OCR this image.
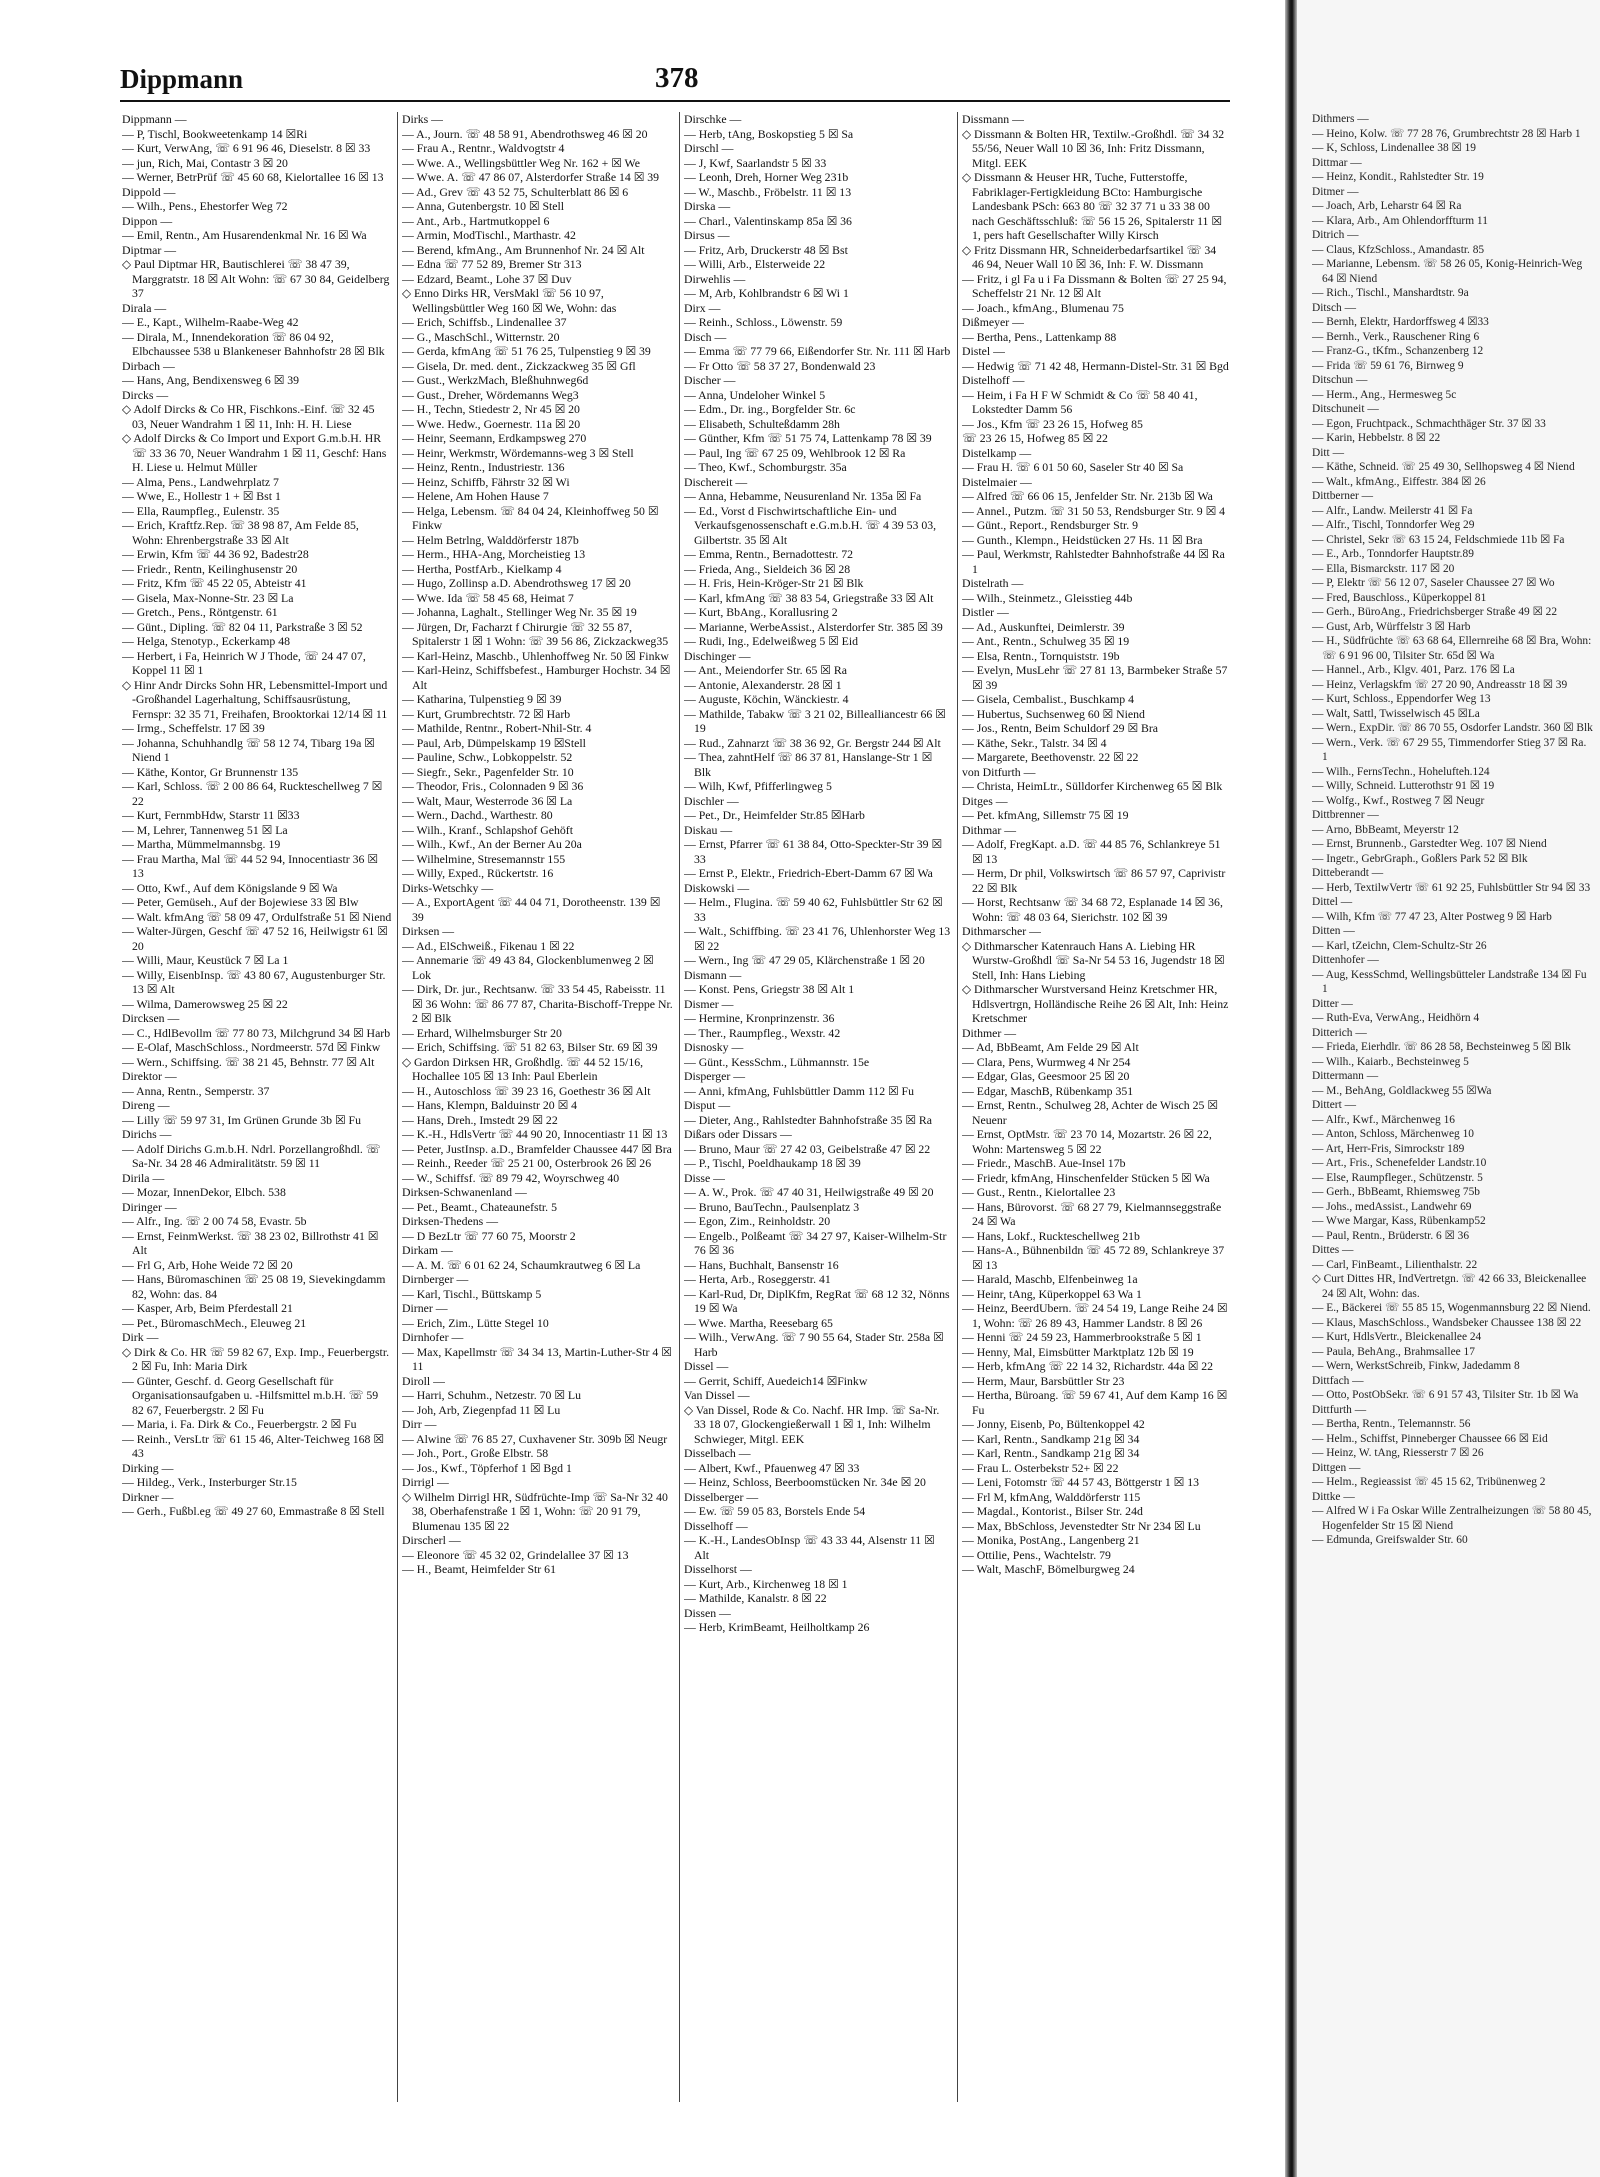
Dippmann	378

Dippmann —

— P, Tischl, Bookweetenkamp 14 ☒Ri

— Kurt, VerwAng, ☏ 6 91 96 46, Dieselstr. 8 ☒ 33

— jun, Rich, Mai, Contastr 3 ☒ 20

— Werner, BetrPrüf ☏ 45 60 68, Kielortallee 16 ☒ 13

Dippold —

— Wilh., Pens., Ehestorfer Weg 72

Dippon —

— Emil, Rentn., Am Husarendenkmal Nr. 16 ☒ Wa

Diptmar —

◇ Paul Diptmar HR, Bautischlerei ☏ 38 47 39, Marggratstr. 18 ☒ Alt Wohn: ☏ 67 30 84, Geidelberg 37

Dirala —

— E., Kapt., Wilhelm-Raabe-Weg 42

— Dirala, M., Innendekoration ☏ 86 04 92, Elbchaussee 538 u Blankeneser Bahnhofstr 28 ☒ Blk

Dirbach —

— Hans, Ang, Bendixensweg 6 ☒ 39

Dircks —

◇ Adolf Dircks & Co HR, Fischkons.-Einf. ☏ 32 45 03, Neuer Wandrahm 1 ☒ 11, Inh: H. H. Liese

◇ Adolf Dircks & Co Import und Export G.m.b.H. HR ☏ 33 36 70, Neuer Wandrahm 1 ☒ 11, Geschf: Hans H. Liese u. Helmut Müller

— Alma, Pens., Landwehrplatz 7

— Wwe, E., Hollestr 1 + ☒ Bst 1

— Ella, Raumpfleg., Eulenstr. 35

— Erich, Kraftfz.Rep. ☏ 38 98 87, Am Felde 85, Wohn: Ehrenbergstraße 33 ☒ Alt

— Erwin, Kfm ☏ 44 36 92, Badestr28

— Friedr., Rentn, Keilinghusenstr 20

— Fritz, Kfm ☏ 45 22 05, Abteistr 41

— Gisela, Max-Nonne-Str. 23 ☒ La

— Gretch., Pens., Röntgenstr. 61

— Günt., Dipling. ☏ 82 04 11, Parkstraße 3 ☒ 52

— Helga, Stenotyp., Eckerkamp 48

— Herbert, i Fa, Heinrich W J Thode, ☏ 24 47 07, Koppel 11 ☒ 1

◇ Hinr Andr Dircks Sohn HR, Lebensmittel-Import und -Großhandel Lagerhaltung, Schiffsausrüstung, Fernspr: 32 35 71, Freihafen, Brooktorkai 12/14 ☒ 11

— Irmg., Scheffelstr. 17 ☒ 39

— Johanna, Schuhhandlg ☏ 58 12 74, Tibarg 19a ☒ Niend 1

— Käthe, Kontor, Gr Brunnenstr 135

— Karl, Schloss. ☏ 2 00 86 64, Ruckteschellweg 7 ☒ 22

— Kurt, FernmbHdw, Starstr 11 ☒33

— M, Lehrer, Tannenweg 51 ☒ La

— Martha, Mümmelmannsbg. 19

— Frau Martha, Mal ☏ 44 52 94, Innocentiastr 36 ☒ 13

— Otto, Kwf., Auf dem Königslande 9 ☒ Wa

— Peter, Gemüseh., Auf der Bojewiese 33 ☒ Blw

— Walt. kfmAng ☏ 58 09 47, Ordulfstraße 51 ☒ Niend

— Walter-Jürgen, Geschf ☏ 47 52 16, Heilwigstr 61 ☒ 20

— Willi, Maur, Keustück 7 ☒ La 1

— Willy, EisenbInsp. ☏ 43 80 67, Augustenburger Str. 13 ☒ Alt

— Wilma, Damerowsweg 25 ☒ 22

Dircksen —

— C., HdlBevollm ☏ 77 80 73, Milchgrund 34 ☒ Harb

— E-Olaf, MaschSchloss., Nordmeerstr. 57d ☒ Finkw

— Wern., Schiffsing. ☏ 38 21 45, Behnstr. 77 ☒ Alt

Direktor —

— Anna, Rentn., Semperstr. 37

Direng —

— Lilly ☏ 59 97 31, Im Grünen Grunde 3b ☒ Fu

Dirichs —

— Adolf Dirichs G.m.b.H. Ndrl. Porzellangroßhdl. ☏ Sa-Nr. 34 28 46 Admiralitätstr. 59 ☒ 11

Dirila —

— Mozar, InnenDekor, Elbch. 538

Diringer —

— Alfr., Ing. ☏ 2 00 74 58, Evastr. 5b

— Ernst, FeinmWerkst. ☏ 38 23 02, Billrothstr 41 ☒ Alt

— Frl G, Arb, Hohe Weide 72 ☒ 20

— Hans, Büromaschinen ☏ 25 08 19, Sievekingdamm 82, Wohn: das. 84

— Kasper, Arb, Beim Pferdestall 21

— Pet., BüromaschMech., Eleuweg 21

Dirk —

◇ Dirk & Co. HR ☏ 59 82 67, Exp. Imp., Feuerbergstr. 2 ☒ Fu, Inh: Maria Dirk

— Günter, Geschf. d. Georg Gesellschaft für Organisationsaufgaben u. -Hilfsmittel m.b.H. ☏ 59 82 67, Feuerbergstr. 2 ☒ Fu

— Maria, i. Fa. Dirk & Co., Feuerbergstr. 2 ☒ Fu

— Reinh., VersLtr ☏ 61 15 46, Alter-Teichweg 168 ☒ 43

Dirking —

— Hildeg., Verk., Insterburger Str.15

Dirkner —

— Gerh., Fußbl.eg ☏ 49 27 60, Emmastraße 8 ☒ Stell

Dirks —

— A., Journ. ☏ 48 58 91, Abendrothsweg 46 ☒ 20

— Frau A., Rentnr., Waldvogtstr 4

— Wwe. A., Wellingsbüttler Weg Nr. 162 + ☒ We

— Wwe. A. ☏ 47 86 07, Alsterdorfer Straße 14 ☒ 39

— Ad., Grev ☏ 43 52 75, Schulterblatt 86 ☒ 6

— Anna, Gutenbergstr. 10 ☒ Stell

— Ant., Arb., Hartmutkoppel 6

— Armin, ModTischl., Marthastr. 42

— Berend, kfmAng., Am Brunnenhof Nr. 24 ☒ Alt

— Edna ☏ 77 52 89, Bremer Str 313

— Edzard, Beamt., Lohe 37 ☒ Duv

◇ Enno Dirks HR, VersMakl ☏ 56 10 97, Wellingsbüttler Weg 160 ☒ We, Wohn: das

— Erich, Schiffsb., Lindenallee 37

— G., MaschSchl., Witternstr. 20

— Gerda, kfmAng ☏ 51 76 25, Tulpenstieg 9 ☒ 39

— Gisela, Dr. med. dent., Zickzackweg 35 ☒ Gfl

— Gust., WerkzMach, Bleßhuhnweg6d

— Gust., Dreher, Wördemanns Weg3

— H., Techn, Stiedestr 2, Nr 45 ☒ 20

— Wwe. Hedw., Goernestr. 11a ☒ 20

— Heinr, Seemann, Erdkampsweg 270

— Heinr, Werkmstr, Wördemanns-weg 3 ☒ Stell

— Heinz, Rentn., Industriestr. 136

— Heinz, Schiffb, Fährstr 32 ☒ Wi

— Helene, Am Hohen Hause 7

— Helga, Lebensm. ☏ 84 04 24, Kleinhoffweg 50 ☒ Finkw

— Helm Betrlng, Walddörferstr 187b

— Herm., HHA-Ang, Morcheistieg 13

— Hertha, PostfArb., Kielkamp 4

— Hugo, Zollinsp a.D. Abendrothsweg 17 ☒ 20

— Wwe. Ida ☏ 58 45 68, Heimat 7

— Johanna, Laghalt., Stellinger Weg Nr. 35 ☒ 19

— Jürgen, Dr, Facharzt f Chirurgie ☏ 32 55 87, Spitalerstr 1 ☒ 1 Wohn: ☏ 39 56 86, Zickzackweg35

— Karl-Heinz, Maschb., Uhlenhoffweg Nr. 50 ☒ Finkw

— Karl-Heinz, Schiffsbefest., Hamburger Hochstr. 34 ☒ Alt

— Katharina, Tulpenstieg 9 ☒ 39

— Kurt, Grumbrechtstr. 72 ☒ Harb

— Mathilde, Rentnr., Robert-Nhil-Str. 4

— Paul, Arb, Dümpelskamp 19 ☒Stell

— Pauline, Schw., Lobkoppelstr. 52

— Siegfr., Sekr., Pagenfelder Str. 10

— Theodor, Fris., Colonnaden 9 ☒ 36

— Walt, Maur, Westerrode 36 ☒ La

— Wern., Dachd., Warthestr. 80

— Wilh., Kranf., Schlapshof Gehöft

— Wilh., Kwf., An der Berner Au 20a

— Wilhelmine, Stresemannstr 155

— Willy, Exped., Rückertstr. 16

Dirks-Wetschky —

— A., ExportAgent ☏ 44 04 71, Dorotheenstr. 139 ☒ 39

Dirksen —

— Ad., ElSchweiß., Fikenau 1 ☒ 22

— Annemarie ☏ 49 43 84, Glockenblumenweg 2 ☒ Lok

— Dirk, Dr. jur., Rechtsanw. ☏ 33 54 45, Rabeisstr. 11 ☒ 36 Wohn: ☏ 86 77 87, Charita-Bischoff-Treppe Nr. 2 ☒ Blk

— Erhard, Wilhelmsburger Str 20

— Erich, Schiffsing. ☏ 51 82 63, Bilser Str. 69 ☒ 39

◇ Gardon Dirksen HR, Großhdlg. ☏ 44 52 15/16, Hochallee 105 ☒ 13 Inh: Paul Eberlein

— H., Autoschloss ☏ 39 23 16, Goethestr 36 ☒ Alt

— Hans, Klempn, Balduinstr 20 ☒ 4

— Hans, Dreh., Imstedt 29 ☒ 22

— K.-H., HdlsVertr ☏ 44 90 20, Innocentiastr 11 ☒ 13

— Peter, JustInsp. a.D., Bramfelder Chaussee 447 ☒ Bra

— Reinh., Reeder ☏ 25 21 00, Osterbrook 26 ☒ 26

— W., Schiffsf. ☏ 89 79 42, Woyrschweg 40

Dirksen-Schwanenland —

— Pet., Beamt., Chateaunefstr. 5

Dirksen-Thedens —

— D BezLtr ☏ 77 60 75, Moorstr 2

Dirkam —

— A. M. ☏ 6 01 62 24, Schaumkrautweg 6 ☒ La

Dirnberger —

— Karl, Tischl., Büttskamp 5

Dirner —

— Erich, Zim., Lütte Stegel 10

Dirnhofer —

— Max, Kapellmstr ☏ 34 34 13, Martin-Luther-Str 4 ☒ 11

Diroll —

— Harri, Schuhm., Netzestr. 70 ☒ Lu

— Joh, Arb, Ziegenpfad 11 ☒ Lu

Dirr —

— Alwine ☏ 76 85 27, Cuxhavener Str. 309b ☒ Neugr

— Joh., Port., Große Elbstr. 58

— Jos., Kwf., Töpferhof 1 ☒ Bgd 1

Dirrigl —

◇ Wilhelm Dirrigl HR, Südfrüchte-Imp ☏ Sa-Nr 32 40 38, Oberhafenstraße 1 ☒ 1, Wohn: ☏ 20 91 79, Blumenau 135 ☒ 22

Dirscherl —

— Eleonore ☏ 45 32 02, Grindelallee 37 ☒ 13

— H., Beamt, Heimfelder Str 61

Dirschke —

— Herb, tAng, Boskopstieg 5 ☒ Sa

Dirschl —

— J, Kwf, Saarlandstr 5 ☒ 33

— Leonh, Dreh, Horner Weg 231b

— W., Maschb., Fröbelstr. 11 ☒ 13

Dirska —

— Charl., Valentinskamp 85a ☒ 36

Dirsus —

— Fritz, Arb, Druckerstr 48 ☒ Bst

— Willi, Arb., Elsterweide 22

Dirwehlis —

— M, Arb, Kohlbrandstr 6 ☒ Wi 1

Dirx —

— Reinh., Schloss., Löwenstr. 59

Disch —

— Emma ☏ 77 79 66, Eißendorfer Str. Nr. 111 ☒ Harb

— Fr Otto ☏ 58 37 27, Bondenwald 23

Discher —

— Anna, Undeloher Winkel 5

— Edm., Dr. ing., Borgfelder Str. 6c

— Elisabeth, Schulteßdamm 28h

— Günther, Kfm ☏ 51 75 74, Lattenkamp 78 ☒ 39

— Paul, Ing ☏ 67 25 09, Wehlbrook 12 ☒ Ra

— Theo, Kwf., Schomburgstr. 35a

Dischereit —

— Anna, Hebamme, Neusurenland Nr. 135a ☒ Fa

— Ed., Vorst d Fischwirtschaftliche Ein- und Verkaufsgenossenschaft e.G.m.b.H. ☏ 4 39 53 03, Gilbertstr. 35 ☒ Alt

— Emma, Rentn., Bernadottestr. 72

— Frieda, Ang., Sieldeich 36 ☒ 28

— H. Fris, Hein-Kröger-Str 21 ☒ Blk

— Karl, kfmAng ☏ 38 83 54, Griegstraße 33 ☒ Alt

— Kurt, BbAng., Korallusring 2

— Marianne, WerbeAssist., Alsterdorfer Str. 385 ☒ 39

— Rudi, Ing., Edelweißweg 5 ☒ Eid

Dischinger —

— Ant., Meiendorfer Str. 65 ☒ Ra

— Antonie, Alexanderstr. 28 ☒ 1

— Auguste, Köchin, Wänckiestr. 4

— Mathilde, Tabakw ☏ 3 21 02, Billealliancestr 66 ☒ 19

— Rud., Zahnarzt ☏ 38 36 92, Gr. Bergstr 244 ☒ Alt

— Thea, zahntHelf ☏ 86 37 81, Hanslange-Str 1 ☒ Blk

— Wilh, Kwf, Pfifferlingweg 5

Dischler —

— Pet., Dr., Heimfelder Str.85 ☒Harb

Diskau —

— Ernst, Pfarrer ☏ 61 38 84, Otto-Speckter-Str 39 ☒ 33

— Ernst P., Elektr., Friedrich-Ebert-Damm 67 ☒ Wa

Diskowski —

— Helm., Flugina. ☏ 59 40 62, Fuhlsbüttler Str 62 ☒ 33

— Walt., Schiffbing. ☏ 23 41 76, Uhlenhorster Weg 13 ☒ 22

— Wern., Ing ☏ 47 29 05, Klärchenstraße 1 ☒ 20

Dismann —

— Konst. Pens, Griegstr 38 ☒ Alt 1

Dismer —

— Hermine, Kronprinzenstr. 36

— Ther., Raumpfleg., Wexstr. 42

Disnosky —

— Günt., KessSchm., Lühmannstr. 15e

Disperger —

— Anni, kfmAng, Fuhlsbüttler Damm 112 ☒ Fu

Disput —

— Dieter, Ang., Rahlstedter Bahnhofstraße 35 ☒ Ra

Dißars oder Dissars —

— Bruno, Maur ☏ 27 42 03, Geibelstraße 47 ☒ 22

— P., Tischl, Poeldhaukamp 18 ☒ 39

Disse —

— A. W., Prok. ☏ 47 40 31, Heilwigstraße 49 ☒ 20

— Bruno, BauTechn., Paulsenplatz 3

— Egon, Zim., Reinholdstr. 20

— Engelb., Polßeamt ☏ 34 27 97, Kaiser-Wilhelm-Str 76 ☒ 36

— Hans, Buchhalt, Bansenstr 16

— Herta, Arb., Roseggerstr. 41

— Karl-Rud, Dr, DiplKfm, RegRat ☏ 68 12 32, Nönns 19 ☒ Wa

— Wwe. Martha, Reesebarg 65

— Wilh., VerwAng. ☏ 7 90 55 64, Stader Str. 258a ☒ Harb

Dissel —

— Gerrit, Schiff, Auedeich14 ☒Finkw

Van Dissel —

◇ Van Dissel, Rode & Co. Nachf. HR Imp. ☏ Sa-Nr. 33 18 07, Glockengießerwall 1 ☒ 1, Inh: Wilhelm Schwieger, Mitgl. EEK

Disselbach —

— Albert, Kwf., Pfauenweg 47 ☒ 33

— Heinz, Schloss, Beerboomstücken Nr. 34e ☒ 20

Disselberger —

— Ew. ☏ 59 05 83, Borstels Ende 54

Disselhoff —

— K.-H., LandesObInsp ☏ 43 33 44, Alsenstr 11 ☒ Alt

Disselhorst —

— Kurt, Arb., Kirchenweg 18 ☒ 1

— Mathilde, Kanalstr. 8 ☒ 22

Dissen —

— Herb, KrimBeamt, Heilholtkamp 26

Dissmann —

◇ Dissmann & Bolten HR, Textilw.-Großhdl. ☏ 34 32 55/56, Neuer Wall 10 ☒ 36, Inh: Fritz Dissmann, Mitgl. EEK

◇ Dissmann & Heuser HR, Tuche, Futterstoffe, Fabriklager-Fertigkleidung BCto: Hamburgische Landesbank PSch: 663 80 ☏ 32 37 71 u 33 38 00 nach Geschäftsschluß: ☏ 56 15 26, Spitalerstr 11 ☒ 1, pers haft Gesellschafter Willy Kirsch

◇ Fritz Dissmann HR, Schneiderbedarfsartikel ☏ 34 46 94, Neuer Wall 10 ☒ 36, Inh: F. W. Dissmann

— Fritz, i gl Fa u i Fa Dissmann & Bolten ☏ 27 25 94, Scheffelstr 21 Nr. 12 ☒ Alt

— Joach., kfmAng., Blumenau 75

Dißmeyer —

— Bertha, Pens., Lattenkamp 88

Distel —

— Hedwig ☏ 71 42 48, Hermann-Distel-Str. 31 ☒ Bgd

Distelhoff —

— Heim, i Fa H F W Schmidt & Co ☏ 58 40 41, Lokstedter Damm 56

— Jos., Kfm ☏ 23 26 15, Hofweg 85

☏ 23 26 15, Hofweg 85 ☒ 22

Distelkamp —

— Frau H. ☏ 6 01 50 60, Saseler Str 40 ☒ Sa

Distelmaier —

— Alfred ☏ 66 06 15, Jenfelder Str. Nr. 213b ☒ Wa

— Annel., Putzm. ☏ 31 50 53, Rendsburger Str. 9 ☒ 4

— Günt., Report., Rendsburger Str. 9

— Gunth., Klempn., Heidstücken 27 Hs. 11 ☒ Bra

— Paul, Werkmstr, Rahlstedter Bahnhofstraße 44 ☒ Ra 1

Distelrath —

— Wilh., Steinmetz., Gleisstieg 44b

Distler —

— Ad., Auskunftei, Deimlerstr. 39

— Ant., Rentn., Schulweg 35 ☒ 19

— Elsa, Rentn., Tornquiststr. 19b

— Evelyn, MusLehr ☏ 27 81 13, Barmbeker Straße 57 ☒ 39

— Gisela, Cembalist., Buschkamp 4

— Hubertus, Suchsenweg 60 ☒ Niend

— Jos., Rentn, Beim Schuldorf 29 ☒ Bra

— Käthe, Sekr., Talstr. 34 ☒ 4

— Margarete, Beethovenstr. 22 ☒ 22

von Ditfurth —

— Christa, HeimLtr., Sülldorfer Kirchenweg 65 ☒ Blk

Ditges —

— Pet. kfmAng, Sillemstr 75 ☒ 19

Dithmar —

— Adolf, FregKapt. a.D. ☏ 44 85 76, Schlankreye 51 ☒ 13

— Herm, Dr phil, Volkswirtsch ☏ 86 57 97, Caprivistr 22 ☒ Blk

— Horst, Rechtsanw ☏ 34 68 72, Esplanade 14 ☒ 36, Wohn: ☏ 48 03 64, Sierichstr. 102 ☒ 39

Dithmarscher —

◇ Dithmarscher Katenrauch Hans A. Liebing HR Wurstw-Großhdl ☏ Sa-Nr 54 53 16, Jugendstr 18 ☒ Stell, Inh: Hans Liebing

◇ Dithmarscher Wurstversand Heinz Kretschmer HR, Hdlsvertrgn, Holländische Reihe 26 ☒ Alt, Inh: Heinz Kretschmer

Dithmer —

— Ad, BbBeamt, Am Felde 29 ☒ Alt

— Clara, Pens, Wurmweg 4 Nr 254

— Edgar, Glas, Geesmoor 25 ☒ 20

— Edgar, MaschB, Rübenkamp 351

— Ernst, Rentn., Schulweg 28, Achter de Wisch 25 ☒ Neuenr

— Ernst, OptMstr. ☏ 23 70 14, Mozartstr. 26 ☒ 22, Wohn: Martensweg 5 ☒ 22

— Friedr., MaschB. Aue-Insel 17b

— Friedr, kfmAng, Hinschenfelder Stücken 5 ☒ Wa

— Gust., Rentn., Kielortallee 23

— Hans, Bürovorst. ☏ 68 27 79, Kielmannseggstraße 24 ☒ Wa

— Hans, Lokf., Ruckteschellweg 21b

— Hans-A., Bühnenbildn ☏ 45 72 89, Schlankreye 37 ☒ 13

— Harald, Maschb, Elfenbeinweg 1a

— Heinr, tAng, Küperkoppel 63 Wa 1

— Heinz, BeerdUbern. ☏ 24 54 19, Lange Reihe 24 ☒ 1, Wohn: ☏ 26 89 43, Hammer Landstr. 8 ☒ 26

— Henni ☏ 24 59 23, Hammerbrookstraße 5 ☒ 1

— Henny, Mal, Eimsbütter Marktplatz 12b ☒ 19

— Herb, kfmAng ☏ 22 14 32, Richardstr. 44a ☒ 22

— Herm, Maur, Barsbüttler Str 23

— Hertha, Büroang. ☏ 59 67 41, Auf dem Kamp 16 ☒ Fu

— Jonny, Eisenb, Po, Bültenkoppel 42

— Karl, Rentn., Sandkamp 21g ☒ 34

— Karl, Rentn., Sandkamp 21g ☒ 34

— Frau L. Osterbekstr 52+ ☒ 22

— Leni, Fotomstr ☏ 44 57 43, Böttgerstr 1 ☒ 13

— Frl M, kfmAng, Walddörferstr 115

— Magdal., Kontorist., Bilser Str. 24d

— Max, BbSchloss, Jevenstedter Str Nr 234 ☒ Lu

— Monika, PostAng., Langenberg 21

— Ottilie, Pens., Wachtelstr. 79

— Walt, MaschF, Bömelburgweg 24

Dithmers —

— Heino, Kolw. ☏ 77 28 76, Grumbrechtstr 28 ☒ Harb 1

— K, Schloss, Lindenallee 38 ☒ 19

Dittmar —

— Heinz, Kondit., Rahlstedter Str. 19

Ditmer —

— Joach, Arb, Leharstr 64 ☒ Ra

— Klara, Arb., Am Ohlendorffturm 11

Ditrich —

— Claus, KfzSchloss., Amandastr. 85

— Marianne, Lebensm. ☏ 58 26 05, Konig-Heinrich-Weg 64 ☒ Niend

— Rich., Tischl., Manshardtstr. 9a

Ditsch —

— Bernh, Elektr, Hardorffsweg 4 ☒33

— Bernh., Verk., Rauschener Ring 6

— Franz-G., tKfm., Schanzenberg 12

— Frida ☏ 59 61 76, Birnweg 9

Ditschun —

— Herm., Ang., Hermesweg 5c

Ditschuneit —

— Egon, Fruchtpack., Schmachthäger Str. 37 ☒ 33

— Karin, Hebbelstr. 8 ☒ 22

Ditt —

— Käthe, Schneid. ☏ 25 49 30, Sellhopsweg 4 ☒ Niend

— Walt., kfmAng., Eiffestr. 384 ☒ 26

Dittberner —

— Alfr., Landw. Meilerstr 41 ☒ Fa

— Alfr., Tischl, Tonndorfer Weg 29

— Christel, Sekr ☏ 63 15 24, Feldschmiede 11b ☒ Fa

— E., Arb., Tonndorfer Hauptstr.89

— Ella, Bismarckstr. 117 ☒ 20

— P, Elektr ☏ 56 12 07, Saseler Chaussee 27 ☒ Wo

— Fred, Bauschloss., Küperkoppel 81

— Gerh., BüroAng., Friedrichsberger Straße 49 ☒ 22

— Gust, Arb, Würffelstr 3 ☒ Harb

— H., Südfrüchte ☏ 63 68 64, Ellernreihe 68 ☒ Bra, Wohn: ☏ 6 91 96 00, Tilsiter Str. 65d ☒ Wa

— Hannel., Arb., Klgv. 401, Parz. 176 ☒ La

— Heinz, Verlagskfm ☏ 27 20 90, Andreasstr 18 ☒ 39

— Kurt, Schloss., Eppendorfer Weg 13

— Walt, Sattl, Twisselwisch 45 ☒La

— Wern., ExpDir. ☏ 86 70 55, Osdorfer Landstr. 360 ☒ Blk

— Wern., Verk. ☏ 67 29 55, Timmendorfer Stieg 37 ☒ Ra. 1

— Wilh., FernsTechn., Hohelufteh.124

— Willy, Schneid. Lutterothstr 91 ☒ 19

— Wolfg., Kwf., Rostweg 7 ☒ Neugr

Dittbrenner —

— Arno, BbBeamt, Meyerstr 12

— Ernst, Brunnenb., Garstedter Weg. 107 ☒ Niend

— Ingetr., GebrGraph., Goßlers Park 52 ☒ Blk

Ditteberandt —

— Herb, TextilwVertr ☏ 61 92 25, Fuhlsbüttler Str 94 ☒ 33

Dittel —

— Wilh, Kfm ☏ 77 47 23, Alter Postweg 9 ☒ Harb

Ditten —

— Karl, tZeichn, Clem-Schultz-Str 26

Dittenhofer —

— Aug, KessSchmd, Wellingsbütteler Landstraße 134 ☒ Fu 1

Ditter —

— Ruth-Eva, VerwAng., Heidhörn 4

Ditterich —

— Frieda, Eierhdlr. ☏ 86 28 58, Bechsteinweg 5 ☒ Blk

— Wilh., Kaiarb., Bechsteinweg 5

Dittermann —

— M., BehAng, Goldlackweg 55 ☒Wa

Dittert —

— Alfr., Kwf., Märchenweg 16

— Anton, Schloss, Märchenweg 10

— Art, Herr-Fris, Simrockstr 189

— Art., Fris., Schenefelder Landstr.10

— Else, Raumpfleger., Schützenstr. 5

— Gerh., BbBeamt, Rhiemsweg 75b

— Johs., medAssist., Landwehr 69

— Wwe Margar, Kass, Rübenkamp52

— Paul, Rentn., Brüderstr. 6 ☒ 36

Dittes —

— Carl, FinBeamt., Lilienthalstr. 22

◇ Curt Dittes HR, IndVertretgn. ☏ 42 66 33, Bleickenallee 24 ☒ Alt, Wohn: das.

— E., Bäckerei ☏ 55 85 15, Wogenmannsburg 22 ☒ Niend.

— Klaus, MaschSchloss., Wandsbeker Chaussee 138 ☒ 22

— Kurt, HdlsVertr., Bleickenallee 24

— Paula, BehAng., Brahmsallee 17

— Wern, WerkstSchreib, Finkw, Jadedamm 8

Dittfach —

— Otto, PostObSekr. ☏ 6 91 57 43, Tilsiter Str. 1b ☒ Wa

Dittfurth —

— Bertha, Rentn., Telemannstr. 56

— Helm., Schiffst, Pinneberger Chaussee 66 ☒ Eid

— Heinz, W. tAng, Riesserstr 7 ☒ 26

Dittgen —

— Helm., Regieassist ☏ 45 15 62, Tribünenweg 2

Dittke —

— Alfred W i Fa Oskar Wille Zentralheizungen ☏ 58 80 45, Hogenfelder Str 15 ☒ Niend

— Edmunda, Greifswalder Str. 60
